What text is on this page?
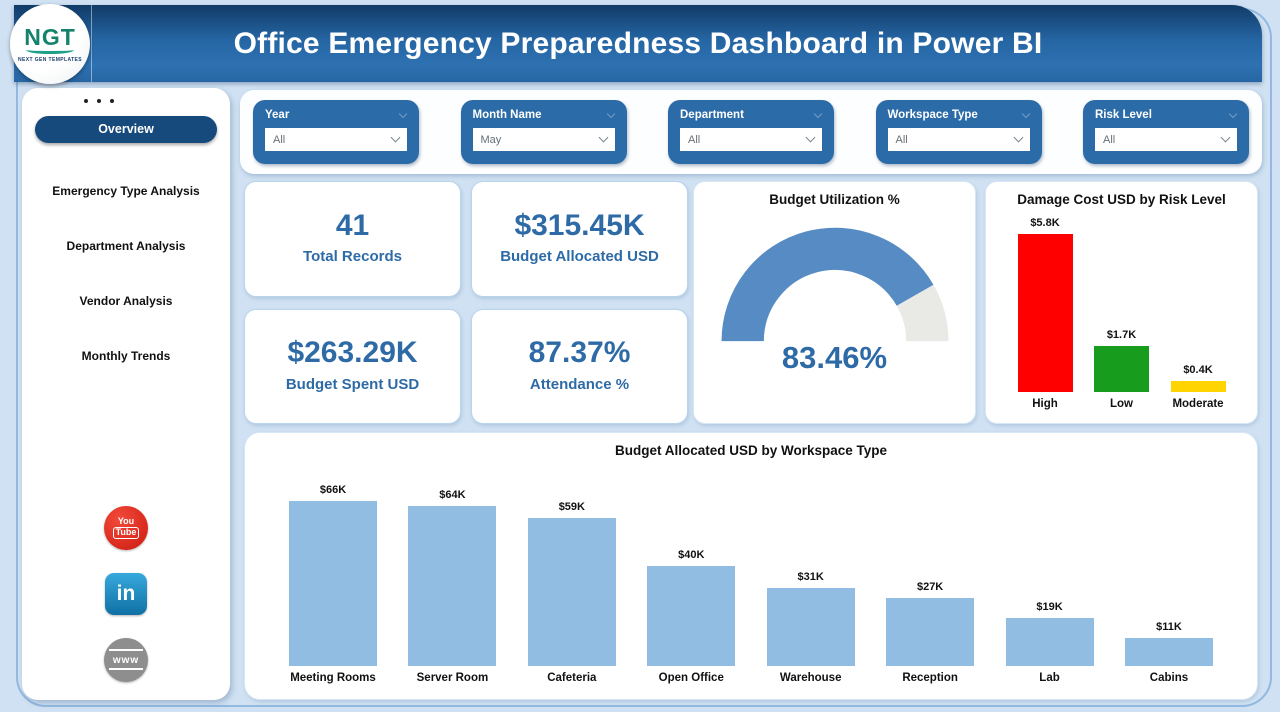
Office Emergency Preparedness Dashboard in Power BI
NGT
NEXT GEN TEMPLATES
Overview
Emergency Type Analysis
Department Analysis
Vendor Analysis
Monthly Trends
You
Tube
in
www
Year
All
Month Name
May
Department
All
Workspace Type
All
Risk Level
All
41
Total Records
$315.45K
Budget Allocated USD
$263.29K
Budget Spent USD
87.37%
Attendance %
Budget Utilization %
83.46%
Damage Cost USD by Risk Level
$5.8K
High
$1.7K
Low
$0.4K
Moderate
Budget Allocated USD by Workspace Type
$66K
Meeting Rooms
$64K
Server Room
$59K
Cafeteria
$40K
Open Office
$31K
Warehouse
$27K
Reception
$19K
Lab
$11K
Cabins
